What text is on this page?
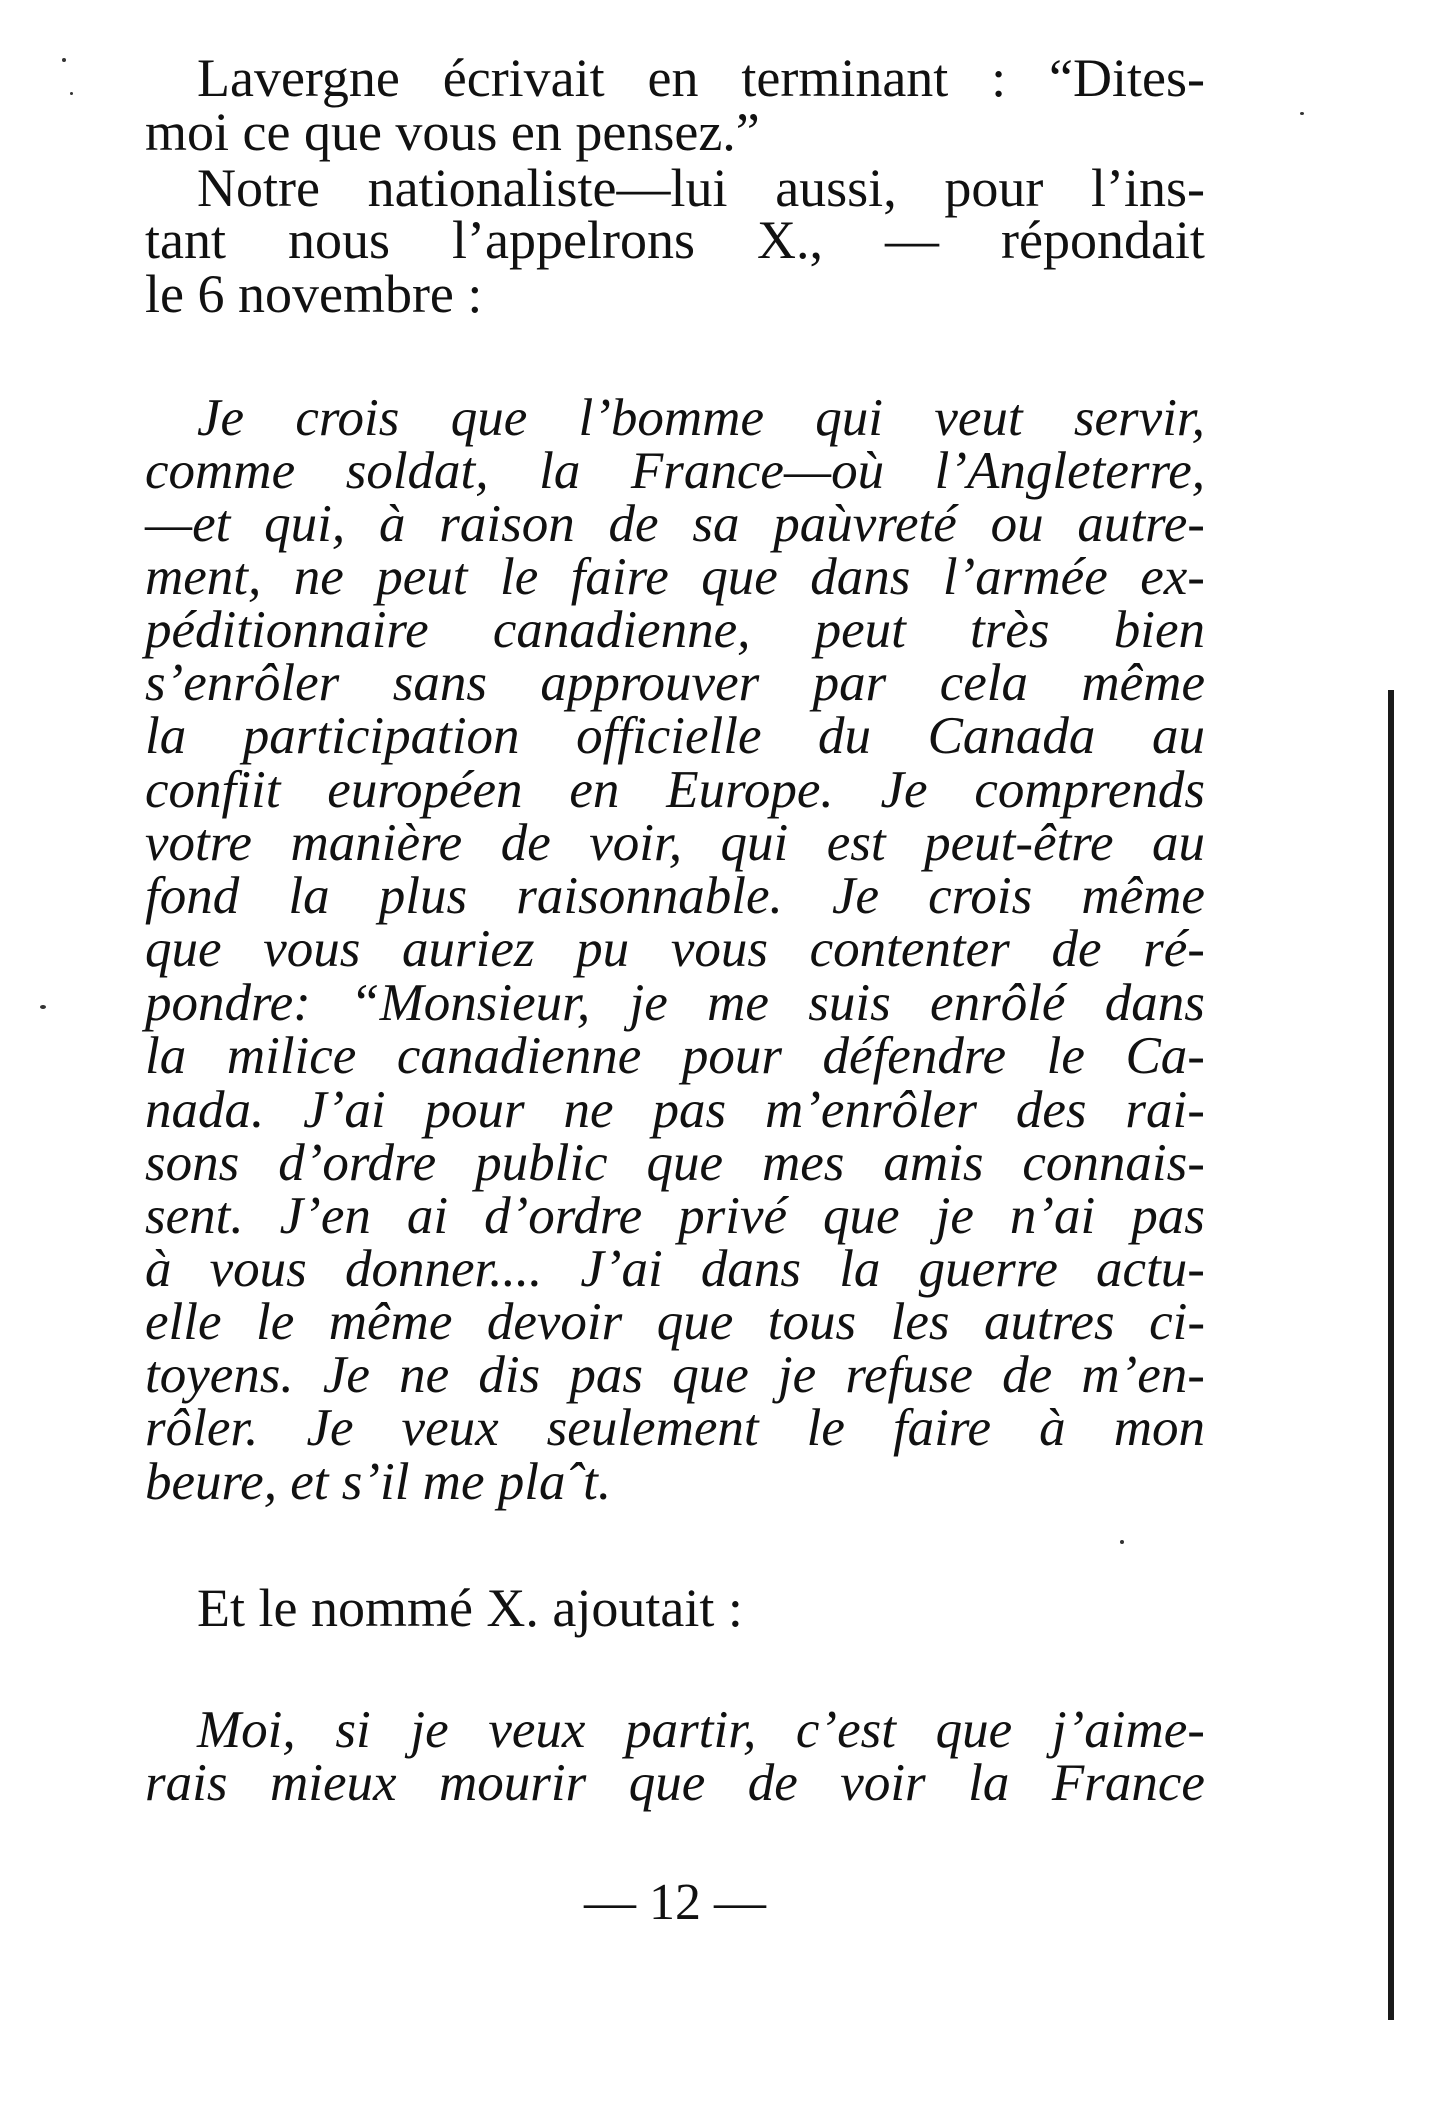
Lavergne écrivait en terminant : “Dites-
moi ce que vous en pensez.”
Notre nationaliste—lui aussi, pour l’ins-
tant nous l’appelrons X., — répondait
le 6 novembre :
Je crois que l’bomme qui veut servir,
comme soldat, la France—où l’Angleterre,
—et qui, à raison de sa paùvreté ou autre-
ment, ne peut le faire que dans l’armée ex-
péditionnaire canadienne, peut très bien
s’enrôler sans approuver par cela même
la participation officielle du Canada au
confiit européen en Europe. Je comprends
votre manière de voir, qui est peut-être au
fond la plus raisonnable. Je crois même
que vous auriez pu vous contenter de ré-
pondre: “Monsieur, je me suis enrôlé dans
la milice canadienne pour défendre le Ca-
nada. J’ai pour ne pas m’enrôler des rai-
sons d’ordre public que mes amis connais-
sent. J’en ai d’ordre privé que je n’ai pas
à vous donner.... J’ai dans la guerre actu-
elle le même devoir que tous les autres ci-
toyens. Je ne dis pas que je refuse de m’en-
rôler. Je veux seulement le faire à mon
beure, et s’il me plaˆt.
Et le nommé X. ajoutait :
Moi, si je veux partir, c’est que j’aime-
rais mieux mourir que de voir la France
— 12 —
